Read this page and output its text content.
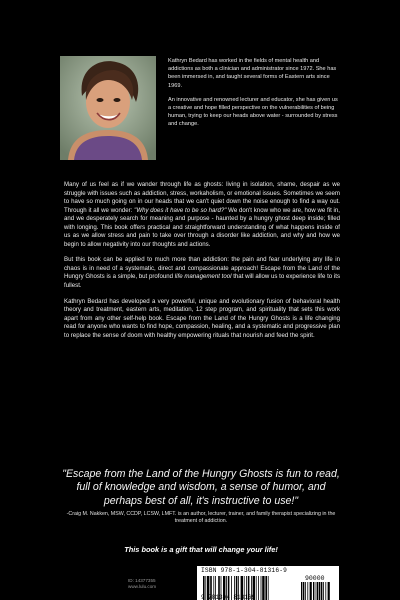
Kathryn Bedard has worked in the fields of mental health and addictions as both a clinician and administrator since 1972. She has been immersed in, and taught several forms of Eastern arts since 1969.

An innovative and renowned lecturer and educator, she has given us a creative and hope filled perspective on the vulnerabilities of being human, trying to keep our heads above water - surrounded by stress and change.

Many of us feel as if we wander through life as ghosts: living in isolation, shame, despair as we struggle with issues such as addiction, stress, workaholism, or emotional issues. Sometimes we seem to have so much going on in our heads that we can't quiet down the noise enough to find a way out. Through it all we wonder: "Why does it have to be so hard?" We don't know who we are, how we fit in, and we desperately search for meaning and purpose - haunted by a hungry ghost deep inside; filled with longing. This book offers practical and straightforward understanding of what happens inside of us as we allow stress and pain to take over through a disorder like addiction, and why and how we begin to allow negativity into our thoughts and actions.

But this book can be applied to much more than addiction: the pain and fear underlying any life in chaos is in need of a systematic, direct and compassionate approach! Escape from the Land of the Hungry Ghosts is a simple, but profound life management tool that will allow us to experience life to its fullest.

Kathryn Bedard has developed a very powerful, unique and evolutionary fusion of behavioral health theory and treatment, eastern arts, meditation, 12 step program, and spirituality that sets this work apart from any other self-help book. Escape from the Land of the Hungry Ghosts is a life changing read for anyone who wants to find hope, compassion, healing, and a systematic and progressive plan to replace the sense of doom with healthy empowering rituals that nourish and feed the spirit.

"Escape from the Land of the Hungry Ghosts is fun to read, full of knowledge and wisdom, a sense of humor, and perhaps best of all, it's instructive to use!"
-Craig M. Nakken, MSW, CCDP, LCSW, LMFT. is an author, lecturer, trainer, and family therapist specializing in the treatment of addiction.
This book is a gift that will change your life!
ID: 14377355
www.lulu.com
ISBN 978-1-304-81316-9
90000
9 781304 813169
